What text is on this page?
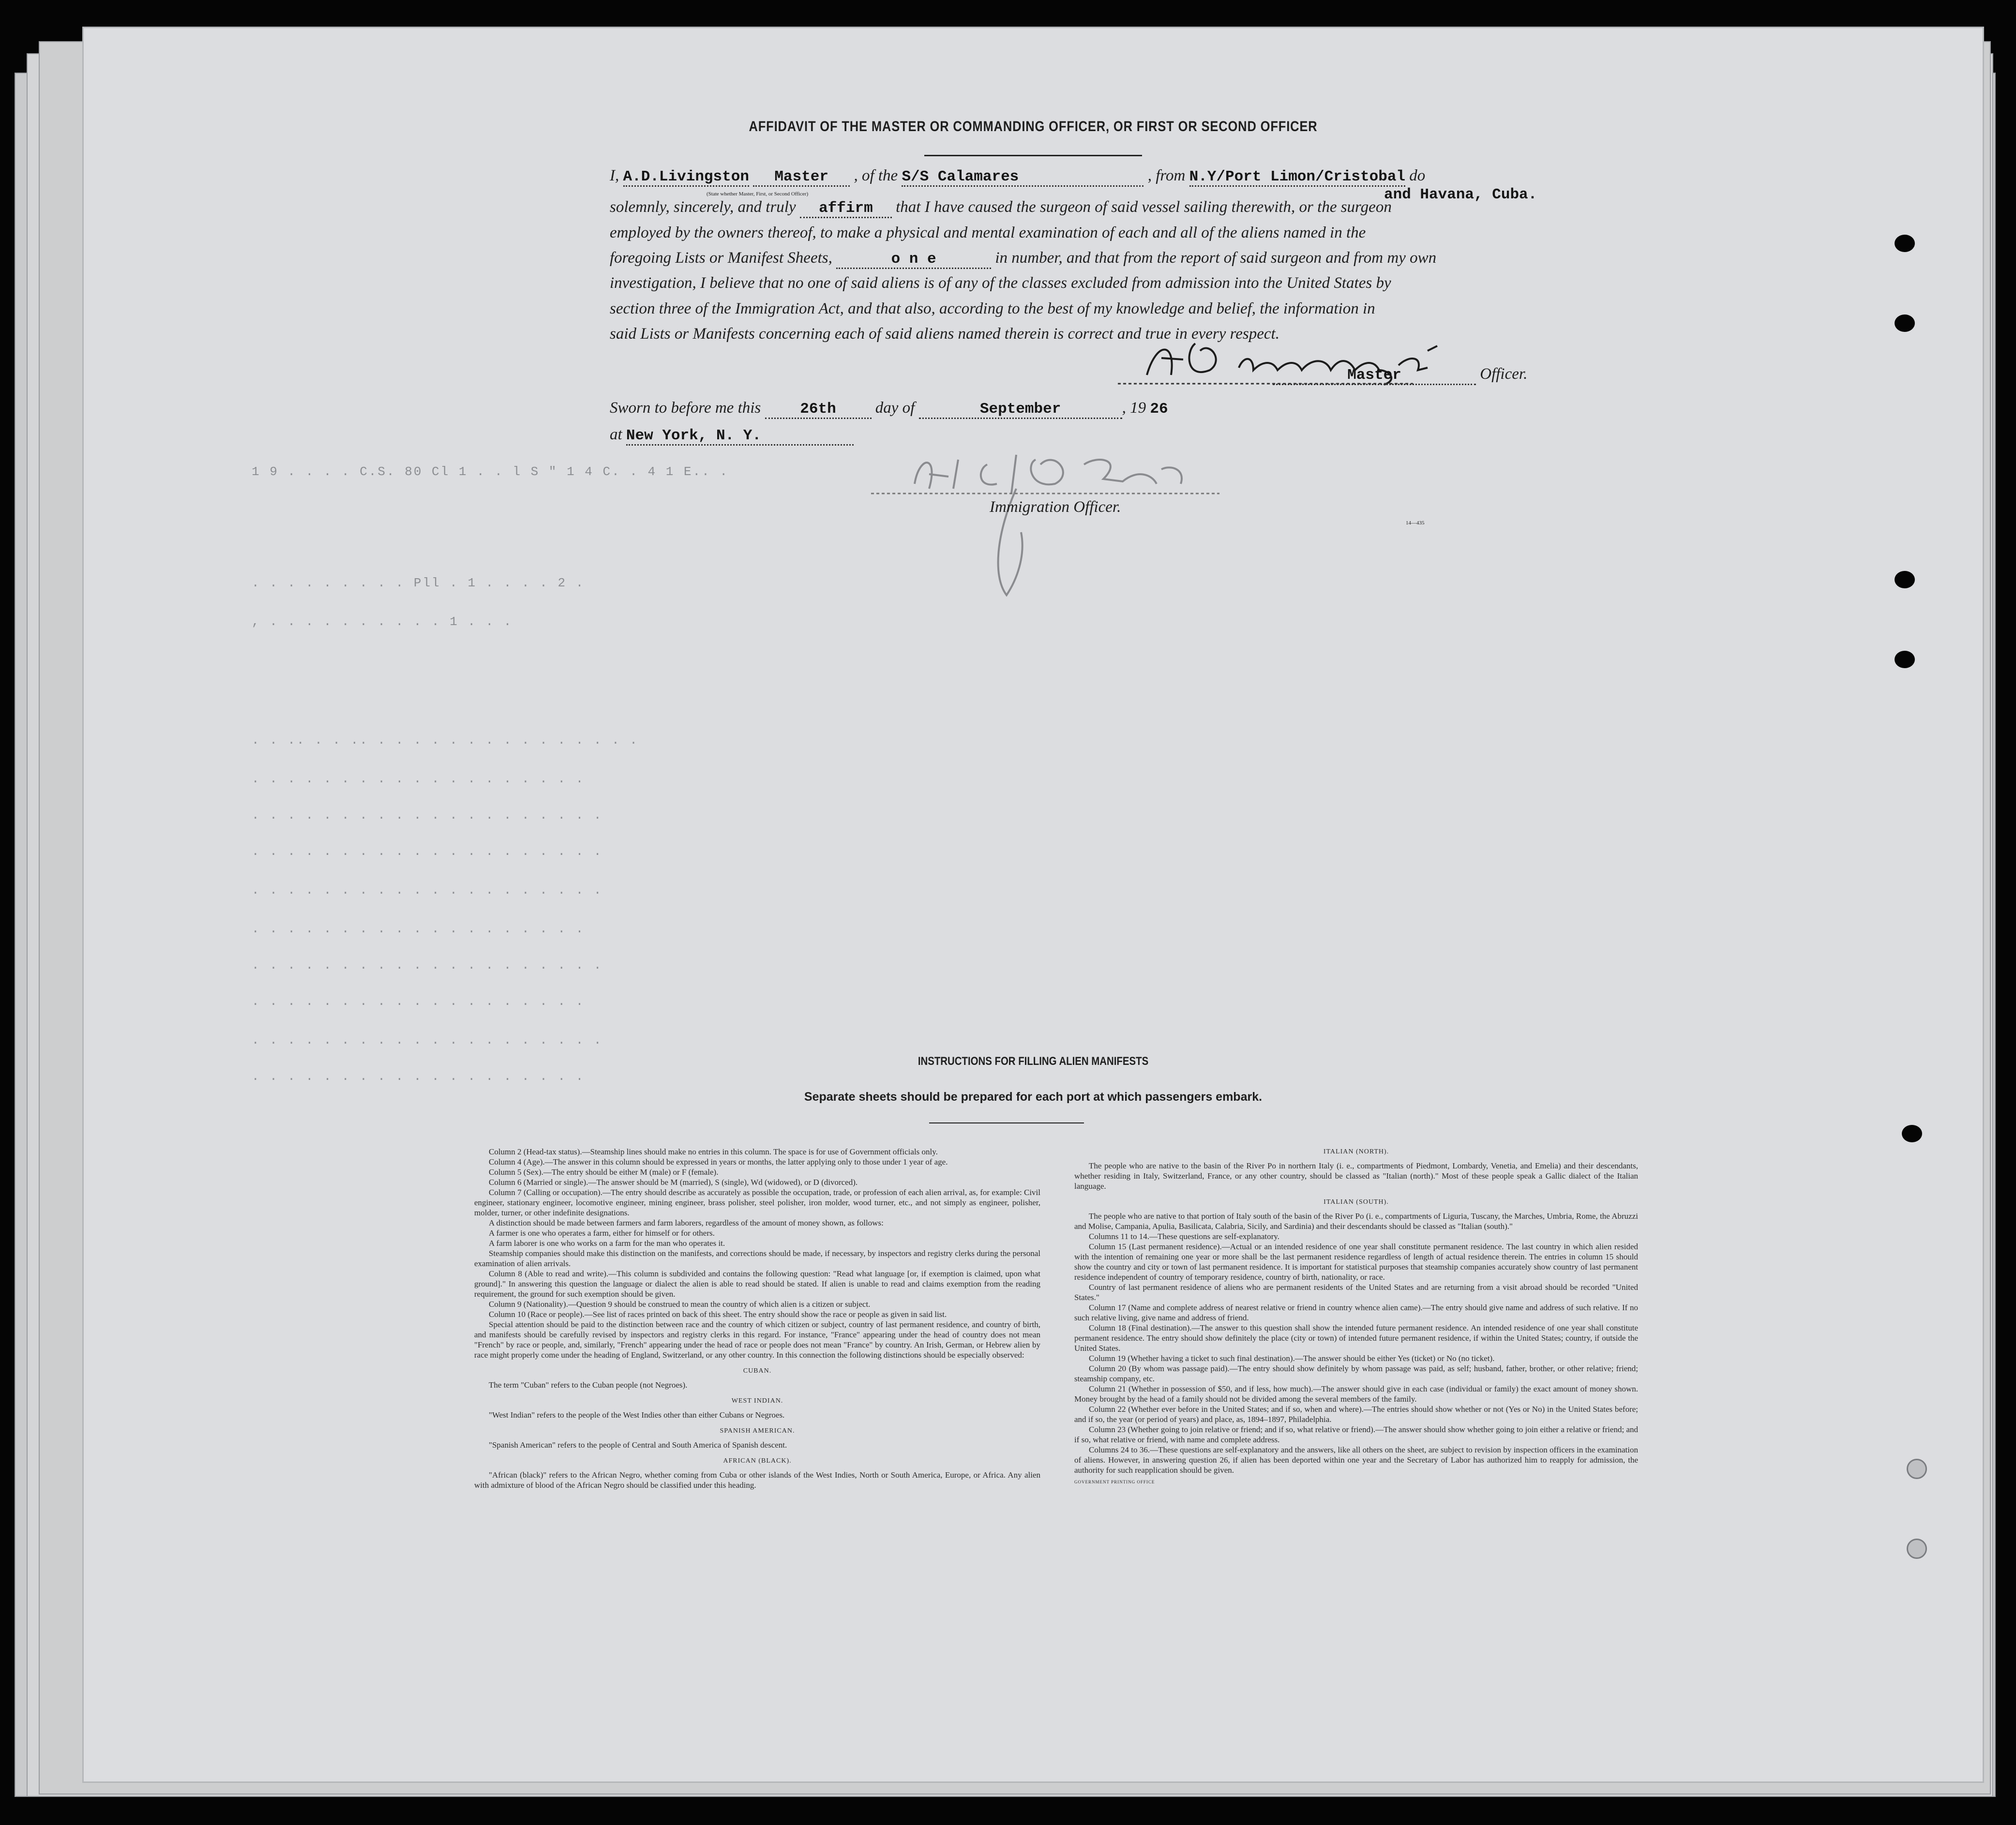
1 9 . . . . C.S. 80 Cl 1 . . l S " 1 4 C. . 4 1 E.. .
. . . . . . . . . Pll . 1 . . . . 2 .
, . . . . . . . . . . 1 . . .
. . .. . . .. . . . . . . . . . . . . . . .
. . . . . . . . . . . . . . . . . . .
. . . . . . . . . . . . . . . . . . . .
. . . . . . . . . . . . . . . . . . . .
. . . . . . . . . . . . . . . . . . . .
. . . . . . . . . . . . . . . . . . .
. . . . . . . . . . . . . . . . . . . .
. . . . . . . . . . . . . . . . . . .
. . . . . . . . . . . . . . . . . . . .
. . . . . . . . . . . . . . . . . . .
AFFIDAVIT OF THE MASTER OR COMMANDING OFFICER, OR FIRST OR SECOND OFFICER
I, A.D.Livingston Master , of the S/S Calamares	, from N.Y/Port Limon/Cristobal do
(State whether Master, First, or Second Officer)	and Havana, Cuba.
solemnly, sincerely, and truly affirm that I have caused the surgeon of said vessel sailing therewith, or the surgeon
employed by the owners thereof, to make a physical and mental examination of each and all of the aliens named in the
foregoing Lists or Manifest Sheets,	o n e	in number, and that from the report of said surgeon and from my own
investigation, I believe that no one of said aliens is of any of the classes excluded from admission into the United States by
section three of the Immigration Act, and that also, according to the best of my knowledge and belief, the information in
said Lists or Manifests concerning each of said aliens named therein is correct and true in every respect.
Master	Officer.
Sworn to before me this	26th day of	September	, 19 26
at New York, N. Y.
Immigration Officer.
14—435
INSTRUCTIONS FOR FILLING ALIEN MANIFESTS
Separate sheets should be prepared for each port at which passengers embark.

Column 2 (Head-tax status).—Steamship lines should make no entries in this column. The space is for use of Government officials only.

Column 4 (Age).—The answer in this column should be expressed in years or months, the latter applying only to those under 1 year of age.

Column 5 (Sex).—The entry should be either M (male) or F (female).

Column 6 (Married or single).—The answer should be M (married), S (single), Wd (widowed), or D (divorced).

Column 7 (Calling or occupation).—The entry should describe as accurately as possible the occupation, trade, or profession of each alien arrival, as, for example: Civil engineer, stationary engineer, locomotive engineer, mining engineer, brass polisher, steel polisher, iron molder, wood turner, etc., and not simply as engineer, polisher, molder, turner, or other indefinite designations.

A distinction should be made between farmers and farm laborers, regardless of the amount of money shown, as follows:

A farmer is one who operates a farm, either for himself or for others.

A farm laborer is one who works on a farm for the man who operates it.

Steamship companies should make this distinction on the manifests, and corrections should be made, if necessary, by inspectors and registry clerks during the personal examination of alien arrivals.

Column 8 (Able to read and write).—This column is subdivided and contains the following question: "Read what language [or, if exemption is claimed, upon what ground]." In answering this question the language or dialect the alien is able to read should be stated. If alien is unable to read and claims exemption from the reading requirement, the ground for such exemption should be given.

Column 9 (Nationality).—Question 9 should be construed to mean the country of which alien is a citizen or subject.

Column 10 (Race or people).—See list of races printed on back of this sheet. The entry should show the race or people as given in said list.

Special attention should be paid to the distinction between race and the country of which citizen or subject, country of last permanent residence, and country of birth, and manifests should be carefully revised by inspectors and registry clerks in this regard. For instance, "France" appearing under the head of country does not mean "French" by race or people, and, similarly, "French" appearing under the head of race or people does not mean "France" by country. An Irish, German, or Hebrew alien by race might properly come under the heading of England, Switzerland, or any other country. In this connection the following distinctions should be especially observed:

CUBAN.

The term "Cuban" refers to the Cuban people (not Negroes).

WEST INDIAN.

"West Indian" refers to the people of the West Indies other than either Cubans or Negroes.

SPANISH AMERICAN.

"Spanish American" refers to the people of Central and South America of Spanish descent.

AFRICAN (BLACK).

"African (black)" refers to the African Negro, whether coming from Cuba or other islands of the West Indies, North or South America, Europe, or Africa. Any alien with admixture of blood of the African Negro should be classified under this heading.

ITALIAN (NORTH).

The people who are native to the basin of the River Po in northern Italy (i. e., compartments of Piedmont, Lombardy, Venetia, and Emelia) and their descendants, whether residing in Italy, Switzerland, France, or any other country, should be classed as "Italian (north)." Most of these people speak a Gallic dialect of the Italian language.

ITALIAN (SOUTH).

The people who are native to that portion of Italy south of the basin of the River Po (i. e., compartments of Liguria, Tuscany, the Marches, Umbria, Rome, the Abruzzi and Molise, Campania, Apulia, Basilicata, Calabria, Sicily, and Sardinia) and their descendants should be classed as "Italian (south)."

Columns 11 to 14.—These questions are self-explanatory.

Column 15 (Last permanent residence).—Actual or an intended residence of one year shall constitute permanent residence. The last country in which alien resided with the intention of remaining one year or more shall be the last permanent residence regardless of length of actual residence therein. The entries in column 15 should show the country and city or town of last permanent residence. It is important for statistical purposes that steamship companies accurately show country of last permanent residence independent of country of temporary residence, country of birth, nationality, or race.

Country of last permanent residence of aliens who are permanent residents of the United States and are returning from a visit abroad should be recorded "United States."

Column 17 (Name and complete address of nearest relative or friend in country whence alien came).—The entry should give name and address of such relative. If no such relative living, give name and address of friend.

Column 18 (Final destination).—The answer to this question shall show the intended future permanent residence. An intended residence of one year shall constitute permanent residence. The entry should show definitely the place (city or town) of intended future permanent residence, if within the United States; country, if outside the United States.

Column 19 (Whether having a ticket to such final destination).—The answer should be either Yes (ticket) or No (no ticket).

Column 20 (By whom was passage paid).—The entry should show definitely by whom passage was paid, as self; husband, father, brother, or other relative; friend; steamship company, etc.

Column 21 (Whether in possession of $50, and if less, how much).—The answer should give in each case (individual or family) the exact amount of money shown. Money brought by the head of a family should not be divided among the several members of the family.

Column 22 (Whether ever before in the United States; and if so, when and where).—The entries should show whether or not (Yes or No) in the United States before; and if so, the year (or period of years) and place, as, 1894–1897, Philadelphia.

Column 23 (Whether going to join relative or friend; and if so, what relative or friend).—The answer should show whether going to join either a relative or friend; and if so, what relative or friend, with name and complete address.

Columns 24 to 36.—These questions are self-explanatory and the answers, like all others on the sheet, are subject to revision by inspection officers in the examination of aliens. However, in answering question 26, if alien has been deported within one year and the Secretary of Labor has authorized him to reapply for admission, the authority for such reapplication should be given.

GOVERNMENT PRINTING OFFICE
